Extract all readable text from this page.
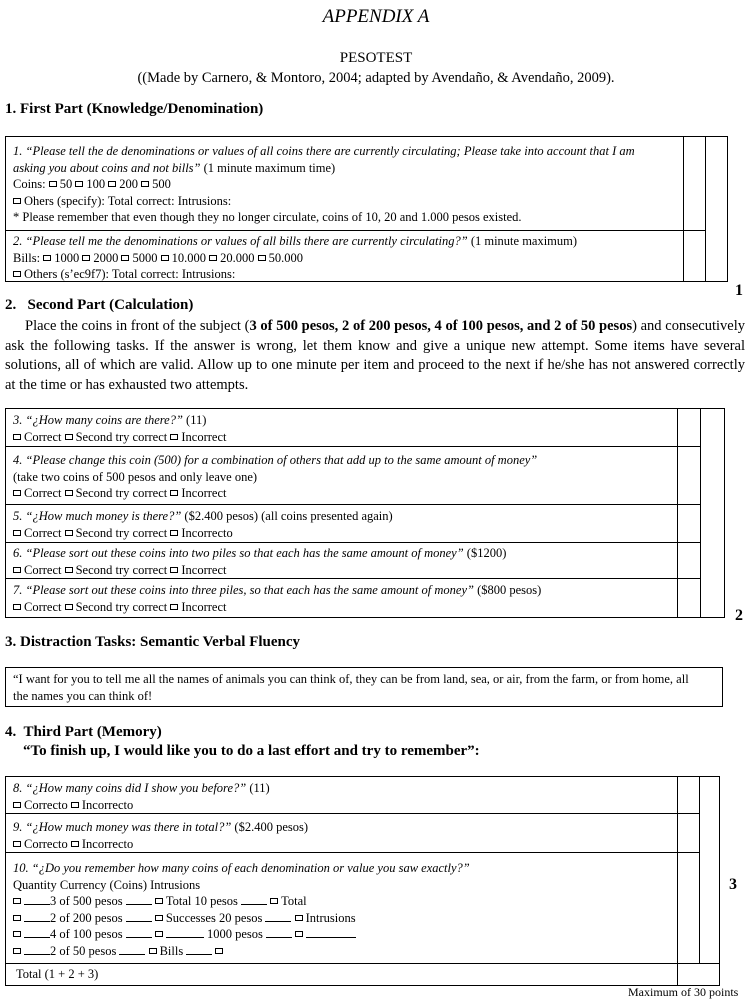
APPENDIX A
PESOTEST
((Made by Carnero, & Montoro, 2004; adapted by Avendaño, & Avendaño, 2009).
1. First Part (Knowledge/Denomination)
1. “Please tell the de denominations or values of all coins there are currently circulating; Please take into account that I am
asking you about coins and not bills” (1 minute maximum time)
Coins: 50 100 200 500
Ohers (specify): Total correct: Intrusions:
* Please remember that even though they no longer circulate, coins of 10, 20 and 1.000 pesos existed.
2. “Please tell me the denominations or values of all bills there are currently circulating?” (1 minute maximum)
Bills: 1000 2000 5000 10.000 20.000 50.000
Others (s’ec9f7): Total correct: Intrusions:
1
2. Second Part (Calculation)
Place the coins in front of the subject (3 of 500 pesos, 2 of 200 pesos, 4 of 100 pesos, and 2 of 50 pesos) and consecutively ask the following tasks. If the answer is wrong, let them know and give a unique new attempt. Some items have several solutions, all of which are valid. Allow up to one minute per item and proceed to the next if he/she has not answered correctly at the time or has exhausted two attempts.
3. “¿How many coins are there?” (11)
Correct Second try correct Incorrect
4. “Please change this coin (500) for a combination of others that add up to the same amount of money”
(take two coins of 500 pesos and only leave one)
Correct Second try correct Incorrect
5. “¿How much money is there?” ($2.400 pesos) (all coins presented again)
Correct Second try correct Incorrecto
6. “Please sort out these coins into two piles so that each has the same amount of money” ($1200)
Correct Second try correct Incorrect
7. “Please sort out these coins into three piles, so that each has the same amount of money” ($800 pesos)
Correct Second try correct Incorrect
2
3. Distraction Tasks: Semantic Verbal Fluency
“I want for you to tell me all the names of animals you can think of, they can be from land, sea, or air, from the farm, or from home, all
the names you can think of!
4. Third Part (Memory)
“To finish up, I would like you to do a last effort and try to remember”:
8. “¿How many coins did I show you before?” (11)
Correcto Incorrecto
9. “¿How much money was there in total?” ($2.400 pesos)
Correcto Incorrecto
10. “¿Do you remember how many coins of each denomination or value you saw exactly?”
Quantity Currency (Coins) Intrusions
3 of 500 pesos	Total 10 pesos	Total
2 of 200 pesos	Successes 20 pesos	Intrusions
4 of 100 pesos	1000 pesos
2 of 50 pesos	Bills
Total (1 + 2 + 3)
3
Maximum of 30 points
